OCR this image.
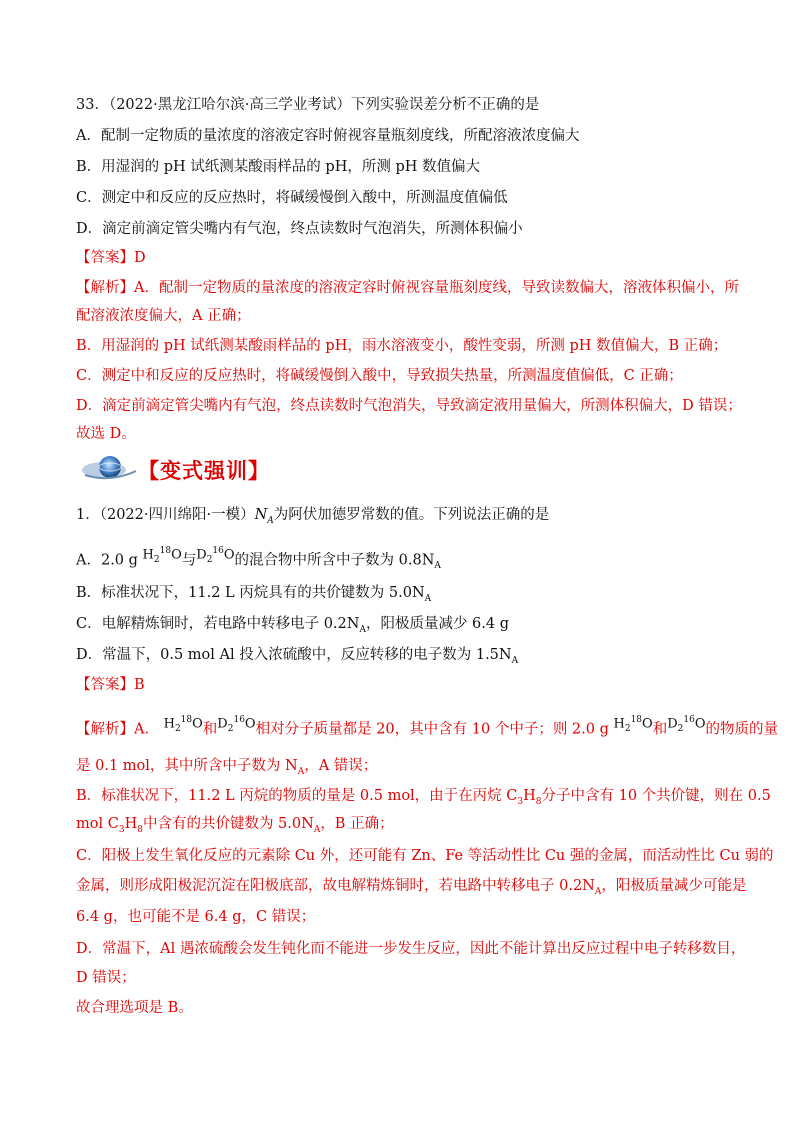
33．（2022·黑龙江哈尔滨·高三学业考试）下列实验误差分析不正确的是
A．配制一定物质的量浓度的溶液定容时俯视容量瓶刻度线，所配溶液浓度偏大
B．用湿润的 pH 试纸测某酸雨样品的 pH，所测 pH 数值偏大
C．测定中和反应的反应热时，将碱缓慢倒入酸中，所测温度值偏低
D．滴定前滴定管尖嘴内有气泡，终点读数时气泡消失，所测体积偏小
【答案】D
【解析】A．配制一定物质的量浓度的溶液定容时俯视容量瓶刻度线，导致读数偏大，溶液体积偏小，所
配溶液浓度偏大，A 正确；
B．用湿润的 pH 试纸测某酸雨样品的 pH，雨水溶液变小，酸性变弱，所测 pH 数值偏大，B 正确；
C．测定中和反应的反应热时，将碱缓慢倒入酸中，导致损失热量，所测温度值偏低，C 正确；
D．滴定前滴定管尖嘴内有气泡，终点读数时气泡消失，导致滴定液用量偏大，所测体积偏大，D 错误；
故选 D。
【变式强训】
1．（2022·四川绵阳·一模）$N_A$为阿伏加德罗常数的值。下列说法正确的是
A．2.0 g $H_2^{18}O$与$D_2^{16}O$的混合物中所含中子数为 $0.8N_A$
B．标准状况下，11.2 L 丙烷具有的共价键数为 $5.0N_A$
C．电解精炼铜时，若电路中转移电子 $0.2N_A$，阳极质量减少 6.4 g
D．常温下，0.5 mol Al 投入浓硫酸中，反应转移的电子数为 $1.5N_A$
【答案】B
【解析】A． $H_2^{18}O$和$D_2^{16}O$相对分子质量都是 20，其中含有 10 个中子；则 2.0 g $H_2^{18}O$和$D_2^{16}O$的物质的量
是 0.1 mol，其中所含中子数为 $N_A$，A 错误；
B．标准状况下，11.2 L 丙烷的物质的量是 0.5 mol，由于在丙烷 $C_3H_8$分子中含有 10 个共价键，则在 0.5
mol $C_3H_8$中含有的共价键数为 $5.0N_A$，B 正确；
C．阳极上发生氧化反应的元素除 Cu 外，还可能有 Zn、Fe 等活动性比 Cu 强的金属，而活动性比 Cu 弱的
金属，则形成阳极泥沉淀在阳极底部，故电解精炼铜时，若电路中转移电子 $0.2N_A$，阳极质量减少可能是
6.4 g，也可能不是 6.4 g，C 错误；
D．常温下，Al 遇浓硫酸会发生钝化而不能进一步发生反应，因此不能计算出反应过程中电子转移数目，
D 错误；
故合理选项是 B。
